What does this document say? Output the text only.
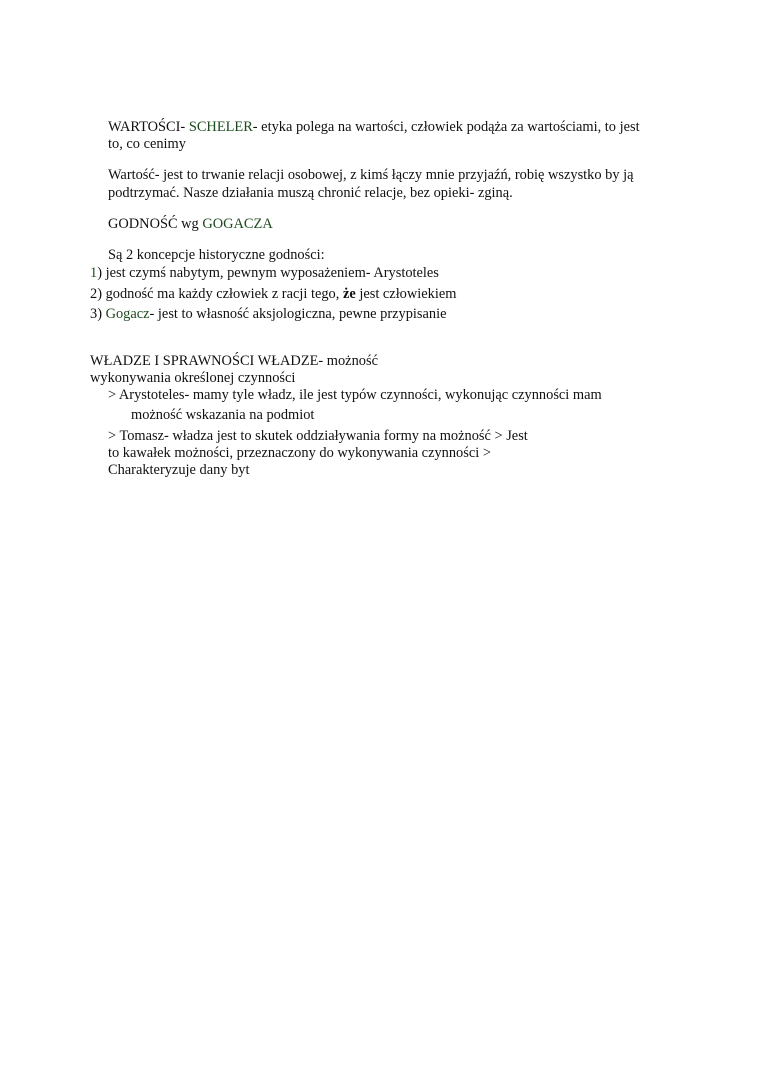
WARTOŚCI- SCHELER- etyka polega na wartości, człowiek podąża za wartościami, to jest
to, co cenimy
Wartość- jest to trwanie relacji osobowej, z kimś łączy mnie przyjaźń, robię wszystko by ją
podtrzymać. Nasze działania muszą chronić relacje, bez opieki- zginą.
GODNOŚĆ wg GOGACZA
Są 2 koncepcje historyczne godności:
1) jest czymś nabytym, pewnym wyposażeniem- Arystoteles
2) godność ma każdy człowiek z racji tego, że jest człowiekiem
3) Gogacz- jest to własność aksjologiczna, pewne przypisanie
WŁADZE I SPRAWNOŚCI WŁADZE- możność
wykonywania określonej czynności
> Arystoteles- mamy tyle władz, ile jest typów czynności, wykonując czynności mam
możność wskazania na podmiot
> Tomasz- władza jest to skutek oddziaływania formy na możność > Jest
to kawałek możności, przeznaczony do wykonywania czynności >
Charakteryzuje dany byt
